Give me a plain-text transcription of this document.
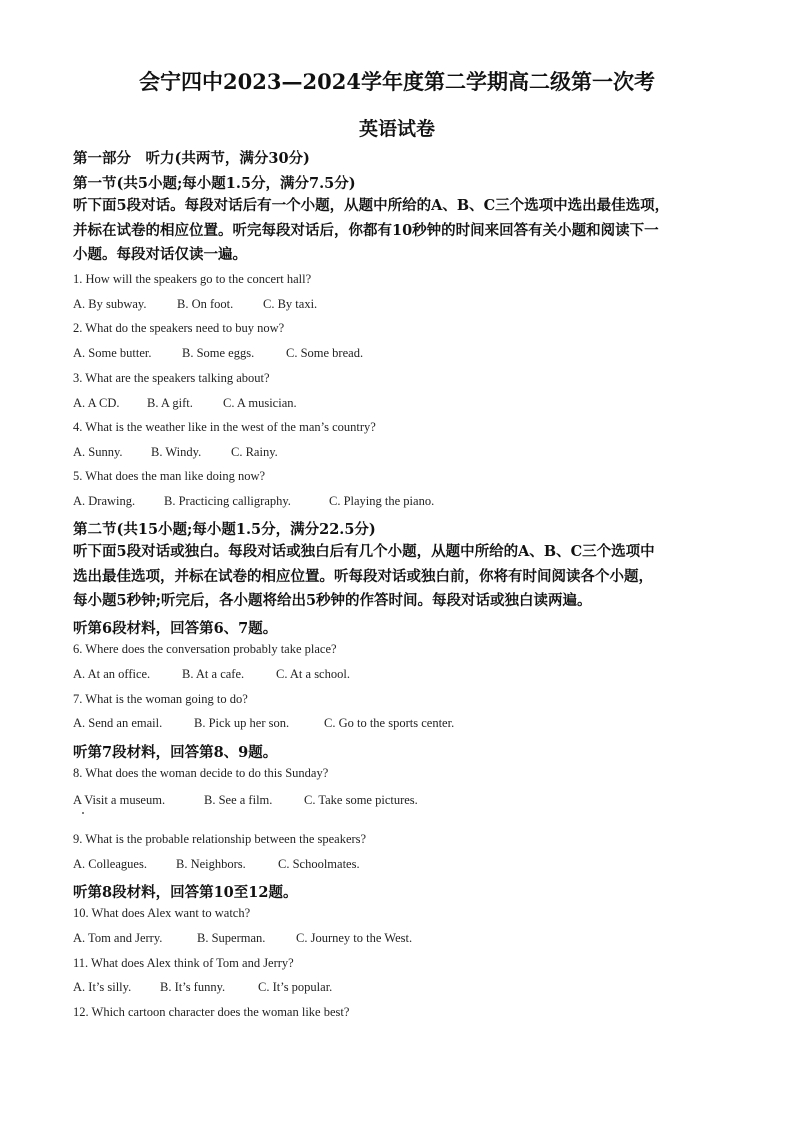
会宁四中2023—2024学年度第二学期高二级第一次考
英语试卷
第一部分　听力(共两节，满分30分)
第一节(共5小题;每小题1.5分，满分7.5分)
听下面5段对话。每段对话后有一个小题，从题中所给的A、B、C三个选项中选出最佳选项，
并标在试卷的相应位置。听完每段对话后，你都有10秒钟的时间来回答有关小题和阅读下一
小题。每段对话仅读一遍。
1. How will the speakers go to the concert hall?
A. By subway. B. On foot. C. By taxi.
2. What do the speakers need to buy now?
A. Some butter. B. Some eggs.	C. Some bread.
3. What are the speakers talking about?
A. A CD. B. A gift. C. A musician.
4. What is the weather like in the west of the man’s country?
A. Sunny. B. Windy. C. Rainy.
5. What does the man like doing now?
A. Drawing. B. Practicing calligraphy.	C. Playing the piano.
第二节(共15小题;每小题1.5分，满分22.5分)
听下面5段对话或独白。每段对话或独白后有几个小题，从题中所给的A、B、C三个选项中
选出最佳选项，并标在试卷的相应位置。听每段对话或独白前，你将有时间阅读各个小题，
每小题5秒钟;听完后，各小题将给出5秒钟的作答时间。每段对话或独白读两遍。
听第6段材料，回答第6、7题。
6. Where does the conversation probably take place?
A. At an office.	B. At a cafe.	C. At a school.
7. What is the woman going to do?
A. Send an email.	B. Pick up her son.	C. Go to the sports center.
听第7段材料，回答第8、9题。
8. What does the woman decide to do this Sunday?
A Visit a museum.	B. See a film.	C. Take some pictures.
9. What is the probable relationship between the speakers?
A. Colleagues. B. Neighbors.	C. Schoolmates.
听第8段材料，回答第10至12题。
10. What does Alex want to watch?
A. Tom and Jerry.	B. Superman. C. Journey to the West.
11. What does Alex think of Tom and Jerry?
A. It’s silly. B. It’s funny.	C. It’s popular.
12. Which cartoon character does the woman like best?
